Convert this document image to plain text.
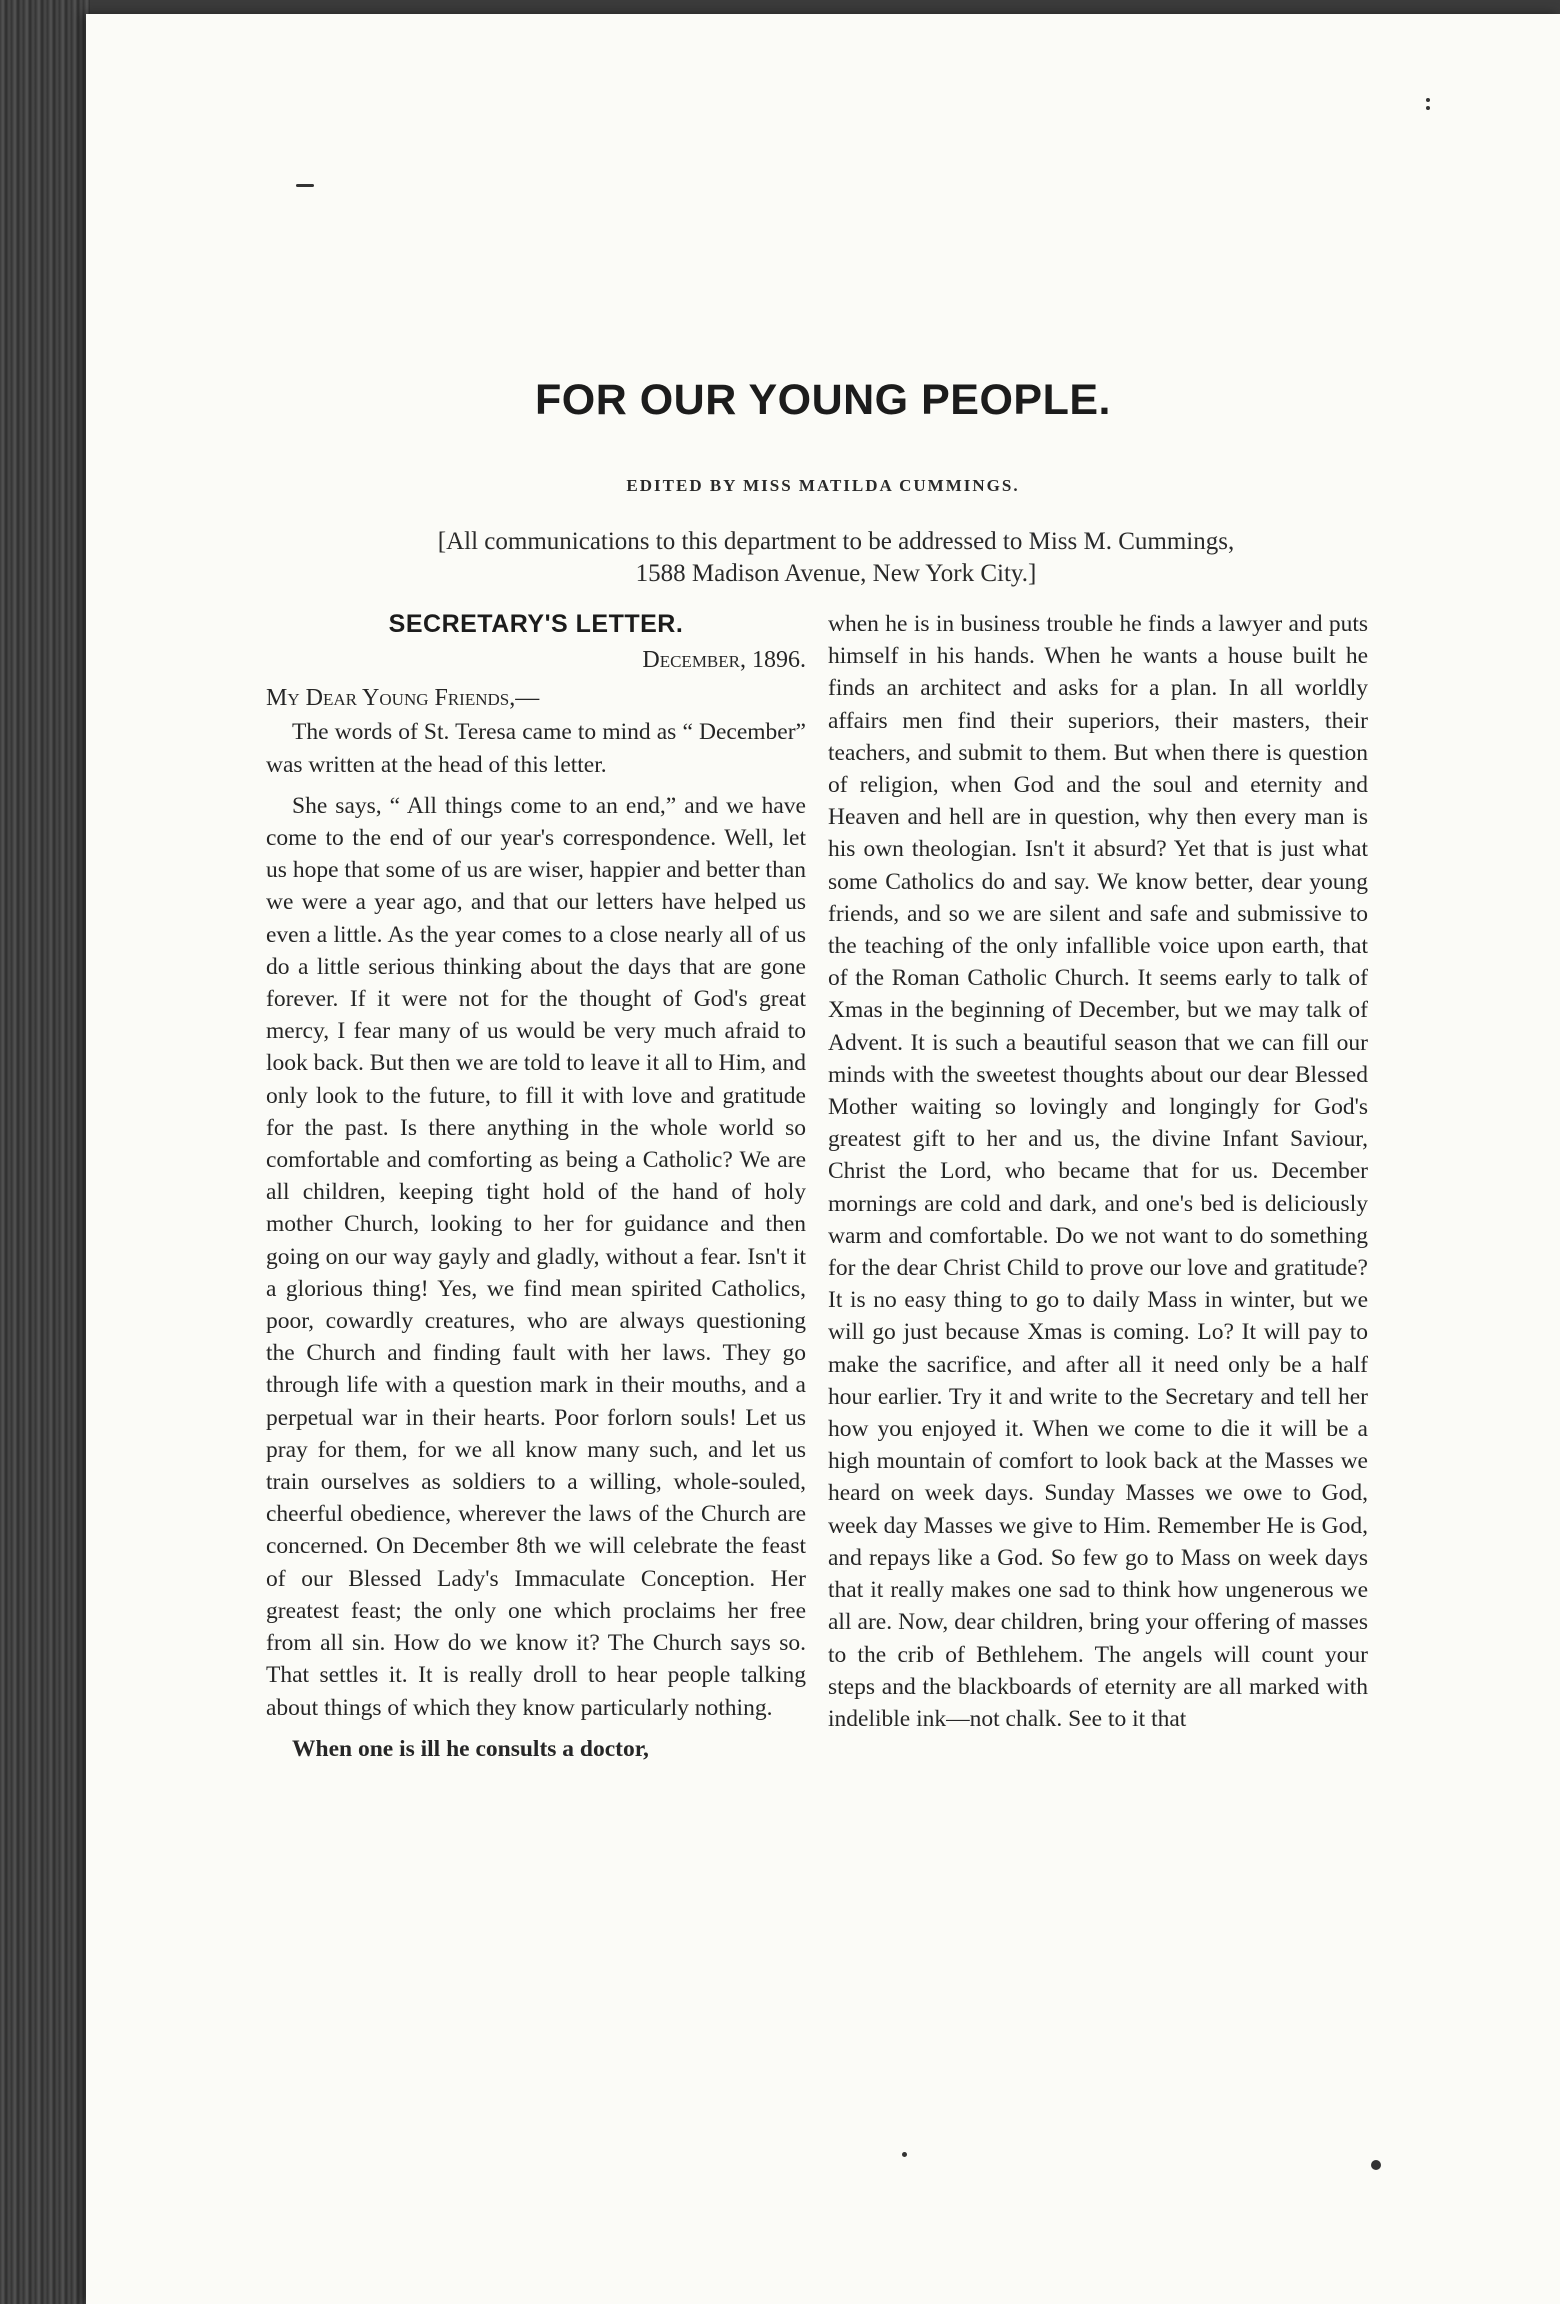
FOR OUR YOUNG PEOPLE.
EDITED BY MISS MATILDA CUMMINGS.
[All communications to this department to be addressed to Miss M. Cummings,
1588 Madison Avenue, New York City.]
SECRETARY'S LETTER.
December, 1896.
My Dear Young Friends,—

The words of St. Teresa came to mind as “ December” was written at the head of this letter.

She says, “ All things come to an end,” and we have come to the end of our year's correspondence. Well, let us hope that some of us are wiser, happier and better than we were a year ago, and that our letters have helped us even a little. As the year comes to a close nearly all of us do a little serious thinking about the days that are gone forever. If it were not for the thought of God's great mercy, I fear many of us would be very much afraid to look back. But then we are told to leave it all to Him, and only look to the future, to fill it with love and gratitude for the past. Is there anything in the whole world so comfortable and comforting as being a Catholic? We are all children, keeping tight hold of the hand of holy mother Church, looking to her for guidance and then going on our way gayly and gladly, without a fear. Isn't it a glorious thing! Yes, we find mean spirited Catholics, poor, cowardly creatures, who are always questioning the Church and finding fault with her laws. They go through life with a question mark in their mouths, and a perpetual war in their hearts. Poor forlorn souls! Let us pray for them, for we all know many such, and let us train ourselves as soldiers to a willing, whole-souled, cheerful obedience, wherever the laws of the Church are concerned. On December 8th we will celebrate the feast of our Blessed Lady's Immaculate Conception. Her greatest feast; the only one which proclaims her free from all sin. How do we know it? The Church says so. That settles it. It is really droll to hear people talking about things of which they know particularly nothing.

When one is ill he consults a doctor,

when he is in business trouble he finds a lawyer and puts himself in his hands. When he wants a house built he finds an architect and asks for a plan. In all worldly affairs men find their superiors, their masters, their teachers, and submit to them. But when there is question of religion, when God and the soul and eternity and Heaven and hell are in question, why then every man is his own theologian. Isn't it absurd? Yet that is just what some Catholics do and say. We know better, dear young friends, and so we are silent and safe and submissive to the teaching of the only infallible voice upon earth, that of the Roman Catholic Church. It seems early to talk of Xmas in the beginning of December, but we may talk of Advent. It is such a beautiful season that we can fill our minds with the sweetest thoughts about our dear Blessed Mother waiting so lovingly and longingly for God's greatest gift to her and us, the divine Infant Saviour, Christ the Lord, who became that for us. December mornings are cold and dark, and one's bed is deliciously warm and comfortable. Do we not want to do something for the dear Christ Child to prove our love and gratitude? It is no easy thing to go to daily Mass in winter, but we will go just because Xmas is coming. Lo? It will pay to make the sacrifice, and after all it need only be a half hour earlier. Try it and write to the Secretary and tell her how you enjoyed it. When we come to die it will be a high mountain of comfort to look back at the Masses we heard on week days. Sunday Masses we owe to God, week day Masses we give to Him. Remember He is God, and repays like a God. So few go to Mass on week days that it really makes one sad to think how ungenerous we all are. Now, dear children, bring your offering of masses to the crib of Bethlehem. The angels will count your steps and the blackboards of eternity are all marked with indelible ink—not chalk. See to it that
